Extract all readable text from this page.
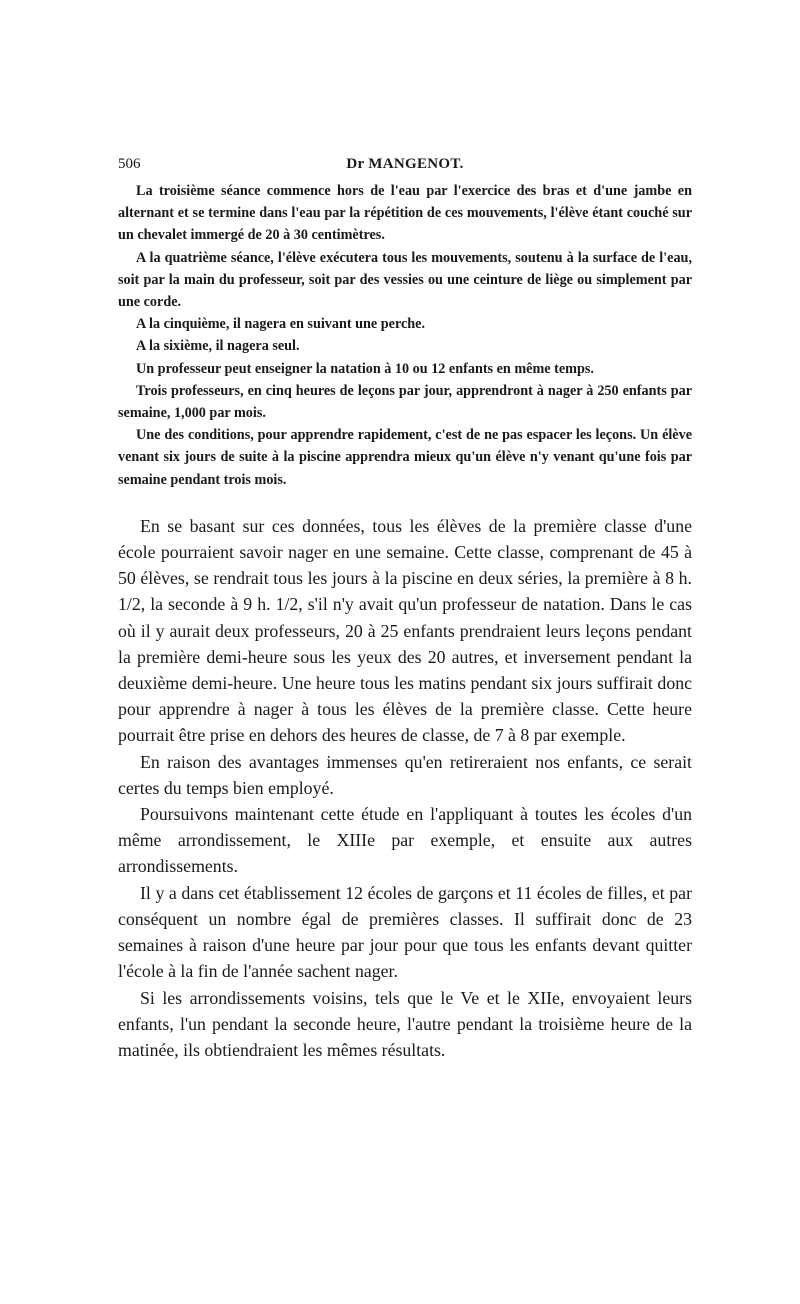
506	Dr MANGENOT.

La troisième séance commence hors de l'eau par l'exercice des bras et d'une jambe en alternant et se termine dans l'eau par la répétition de ces mouvements, l'élève étant couché sur un chevalet immergé de 20 à 30 centimètres.

A la quatrième séance, l'élève exécutera tous les mouvements, soutenu à la surface de l'eau, soit par la main du professeur, soit par des vessies ou une ceinture de liège ou simplement par une corde.

A la cinquième, il nagera en suivant une perche.

A la sixième, il nagera seul.

Un professeur peut enseigner la natation à 10 ou 12 enfants en même temps.

Trois professeurs, en cinq heures de leçons par jour, apprendront à nager à 250 enfants par semaine, 1,000 par mois.

Une des conditions, pour apprendre rapidement, c'est de ne pas espacer les leçons. Un élève venant six jours de suite à la piscine apprendra mieux qu'un élève n'y venant qu'une fois par semaine pendant trois mois.

En se basant sur ces données, tous les élèves de la première classe d'une école pourraient savoir nager en une semaine. Cette classe, comprenant de 45 à 50 élèves, se rendrait tous les jours à la piscine en deux séries, la première à 8 h. 1/2, la seconde à 9 h. 1/2, s'il n'y avait qu'un professeur de natation. Dans le cas où il y aurait deux professeurs, 20 à 25 enfants prendraient leurs leçons pendant la première demi-heure sous les yeux des 20 autres, et inversement pendant la deuxième demi-heure. Une heure tous les matins pendant six jours suffirait donc pour apprendre à nager à tous les élèves de la première classe. Cette heure pourrait être prise en dehors des heures de classe, de 7 à 8 par exemple.

En raison des avantages immenses qu'en retireraient nos enfants, ce serait certes du temps bien employé.

Poursuivons maintenant cette étude en l'appliquant à toutes les écoles d'un même arrondissement, le XIIIe par exemple, et ensuite aux autres arrondissements.

Il y a dans cet établissement 12 écoles de garçons et 11 écoles de filles, et par conséquent un nombre égal de premières classes. Il suffirait donc de 23 semaines à raison d'une heure par jour pour que tous les enfants devant quitter l'école à la fin de l'année sachent nager.

Si les arrondissements voisins, tels que le Ve et le XIIe, envoyaient leurs enfants, l'un pendant la seconde heure, l'autre pendant la troisième heure de la matinée, ils obtiendraient les mêmes résultats.
